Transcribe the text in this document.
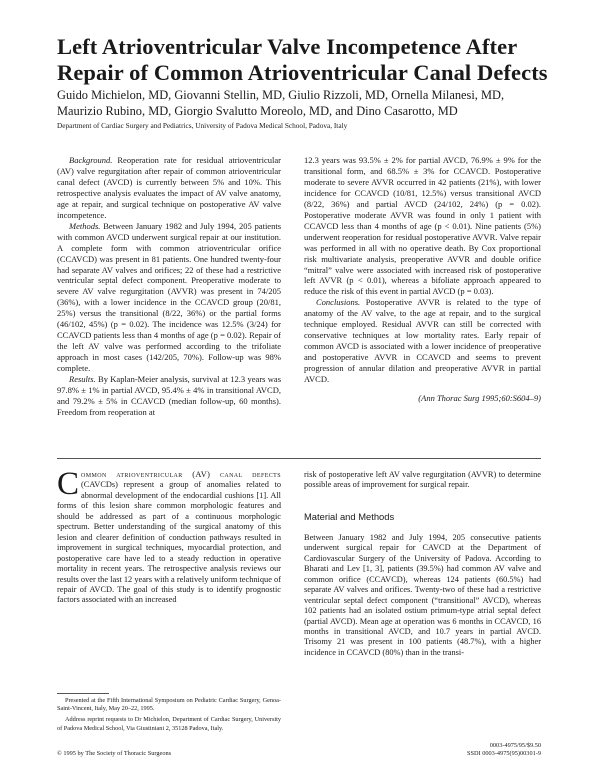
Left Atrioventricular Valve Incompetence After
Repair of Common Atrioventricular Canal Defects
Guido Michielon, MD, Giovanni Stellin, MD, Giulio Rizzoli, MD, Ornella Milanesi, MD,
Maurizio Rubino, MD, Giorgio Svalutto Moreolo, MD, and Dino Casarotto, MD
Department of Cardiac Surgery and Pediatrics, University of Padova Medical School, Padova, Italy

Background. Reoperation rate for residual atrioventricular (AV) valve regurgitation after repair of common atrioventricular canal defect (AVCD) is currently between 5% and 10%. This retrospective analysis evaluates the impact of AV valve anatomy, age at repair, and surgical technique on postoperative AV valve incompetence.

Methods. Between January 1982 and July 1994, 205 patients with common AVCD underwent surgical repair at our institution. A complete form with common atrioventricular orifice (CCAVCD) was present in 81 patients. One hundred twenty-four had separate AV valves and orifices; 22 of these had a restrictive ventricular septal defect component. Preoperative moderate to severe AV valve regurgitation (AVVR) was present in 74/205 (36%), with a lower incidence in the CCAVCD group (20/81, 25%) versus the transitional (8/22, 36%) or the partial forms (46/102, 45%) (p = 0.02). The incidence was 12.5% (3/24) for CCAVCD patients less than 4 months of age (p = 0.02). Repair of the left AV valve was performed according to the trifoliate approach in most cases (142/205, 70%). Follow-up was 98% complete.

Results. By Kaplan-Meier analysis, survival at 12.3 years was 97.8% ± 1% in partial AVCD, 95.4% ± 4% in transitional AVCD, and 79.2% ± 5% in CCAVCD (median follow-up, 60 months). Freedom from reoperation at

12.3 years was 93.5% ± 2% for partial AVCD, 76.9% ± 9% for the transitional form, and 68.5% ± 3% for CCAVCD. Postoperative moderate to severe AVVR occurred in 42 patients (21%), with lower incidence for CCAVCD (10/81, 12.5%) versus transitional AVCD (8/22, 36%) and partial AVCD (24/102, 24%) (p = 0.02). Postoperative moderate AVVR was found in only 1 patient with CCAVCD less than 4 months of age (p < 0.01). Nine patients (5%) underwent reoperation for residual postoperative AVVR. Valve repair was performed in all with no operative death. By Cox proportional risk multivariate analysis, preoperative AVVR and double orifice “mitral” valve were associated with increased risk of postoperative left AVVR (p < 0.01), whereas a bifoliate approach appeared to reduce the risk of this event in partial AVCD (p = 0.03).

Conclusions. Postoperative AVVR is related to the type of anatomy of the AV valve, to the age at repair, and to the surgical technique employed. Residual AVVR can still be corrected with conservative techniques at low mortality rates. Early repair of common AVCD is associated with a lower incidence of preoperative and postoperative AVVR in CCAVCD and seems to prevent progression of annular dilation and preoperative AVVR in partial AVCD.

(Ann Thorac Surg 1995;60:S604–9)

Common atrioventricular (AV) canal defects (CAVCDs) represent a group of anomalies related to abnormal development of the endocardial cushions [1]. All forms of this lesion share common morphologic features and should be addressed as part of a continuous morphologic spectrum. Better understanding of the surgical anatomy of this lesion and clearer definition of conduction pathways resulted in improvement in surgical techniques, myocardial protection, and postoperative care have led to a steady reduction in operative mortality in recent years. The retrospective analysis reviews our results over the last 12 years with a relatively uniform technique of repair of AVCD. The goal of this study is to identify prognostic factors associated with an increased

risk of postoperative left AV valve regurgitation (AVVR) to determine possible areas of improvement for surgical repair.

Material and Methods

Between January 1982 and July 1994, 205 consecutive patients underwent surgical repair for CAVCD at the Department of Cardiovascular Surgery of the University of Padova. According to Bharati and Lev [1, 3], patients (39.5%) had common AV valve and common orifice (CCAVCD), whereas 124 patients (60.5%) had separate AV valves and orifices. Twenty-two of these had a restrictive ventricular septal defect component (“transitional” AVCD), whereas 102 patients had an isolated ostium primum-type atrial septal defect (partial AVCD). Mean age at operation was 6 months in CCAVCD, 16 months in transitional AVCD, and 10.7 years in partial AVCD. Trisomy 21 was present in 100 patients (48.7%), with a higher incidence in CCAVCD (80%) than in the transi-

Presented at the Fifth International Symposium on Pediatric Cardiac Surgery, Genoa-Saint-Vincent, Italy, May 20–22, 1995.

Address reprint requests to Dr Michielon, Department of Cardiac Surgery, University of Padova Medical School, Via Giustiniani 2, 35128 Padova, Italy.

© 1995 by The Society of Thoracic Surgeons
0003-4975/95/$9.50
SSDI 0003-4975(95)00301-9
